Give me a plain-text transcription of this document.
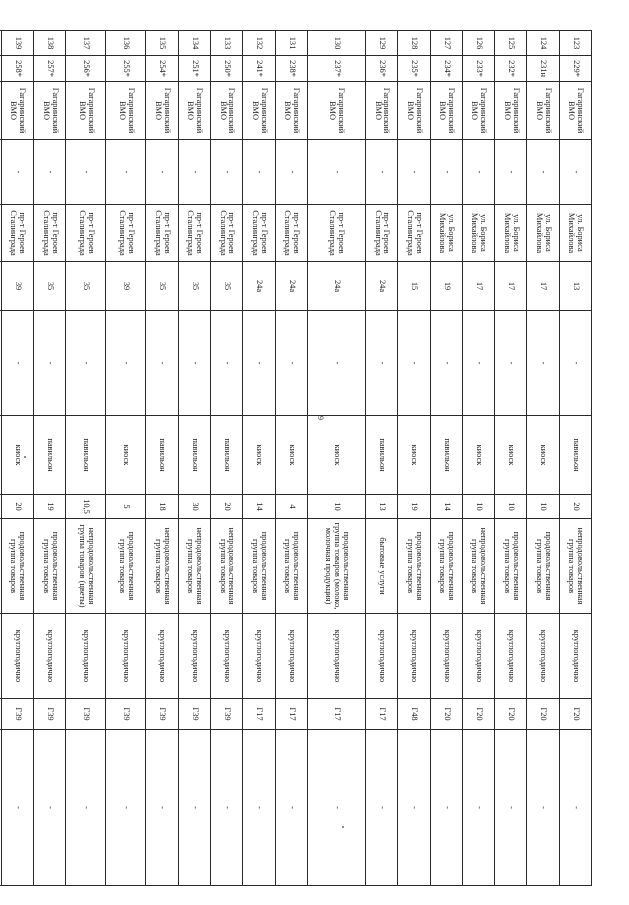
9
123	229*	Гагаринский ВМО	-	ул. Бориса Михайлова	13	-	павильон	20	непродовольственная группа товаров	круглогодично	Г20	-
124	231н	Гагаринский ВМО	-	ул. Бориса Михайлова	17	-	киоск	10	продовольственная группа товаров	круглогодично	Г20	-
125	232*	Гагаринский ВМО	-	ул. Бориса Михайлова	17	-	киоск	10	продовольственная группа товаров	круглогодично	Г20	-
126	233*	Гагаринский ВМО	-	ул. Бориса Михайлова	17	-	киоск	10	непродовольственная группа товаров	круглогодично	Г20	-
127	234*	Гагаринский ВМО	-	ул. Бориса Михайлова	19	-	павильон	14	продовольственная группа товаров	круглогодично	Г20	-
128	235*	Гагаринский ВМО	-	пр-т Героев Сталинграда	15	-	киоск	19	продовольственная группа товаров	круглогодично	Г48	-
129	236*	Гагаринский ВМО	-	пр-т Героев Сталинграда	24а	-	павильон	13	бытовые услуги	круглогодично	Г17	-
130	237*	Гагаринский ВМО	-	пр-т Героев Сталинграда	24а	-	киоск	10	продовольственная группа товаров (молоко, молочная продукция)	круглогодично	Г17	-
131	238*	Гагаринский ВМО	-	пр-т Героев Сталинграда	24а	-	киоск	4	продовольственная группа товаров	круглогодично	Г17	-
132	241*	Гагаринский ВМО	-	пр-т Героев Сталинграда	24а	-	киоск	14	продовольственная группа товаров	круглогодично	Г17	-
133	250*	Гагаринский ВМО	-	пр-т Героев Сталинграда	35	-	павильон	20	непродовольственная группа товаров	круглогодично	Г39	-
134	251*	Гагаринский ВМО	-	пр-т Героев Сталинграда	35	-	павильон	30	непродовольственная группа товаров	круглогодично	Г39	-
135	254*	Гагаринский ВМО	-	пр-т Героев Сталинграда	35	-	павильон	18	непродовольственная группа товаров	круглогодично	Г39	-
136	255*	Гагаринский ВМО	-	пр-т Героев Сталинграда	39	-	киоск	5	продовольственная группа товаров	круглогодично	Г39	-
137	256*	Гагаринский ВМО	-	пр-т Героев Сталинграда	35	-	павильон	10,5	непродовольственная группа товаров (цветы)	круглогодично	Г39	-
138	257*	Гагаринский ВМО	-	пр-т Героев Сталинграда	35	-	павильон	19	продовольственная группа товаров	круглогодично	Г39	-
139	258*	Гагаринский ВМО	-	пр-т Героев Сталинграда	39	-	киоск	20	продовольственная группа товаров	круглогодично	Г39	-
